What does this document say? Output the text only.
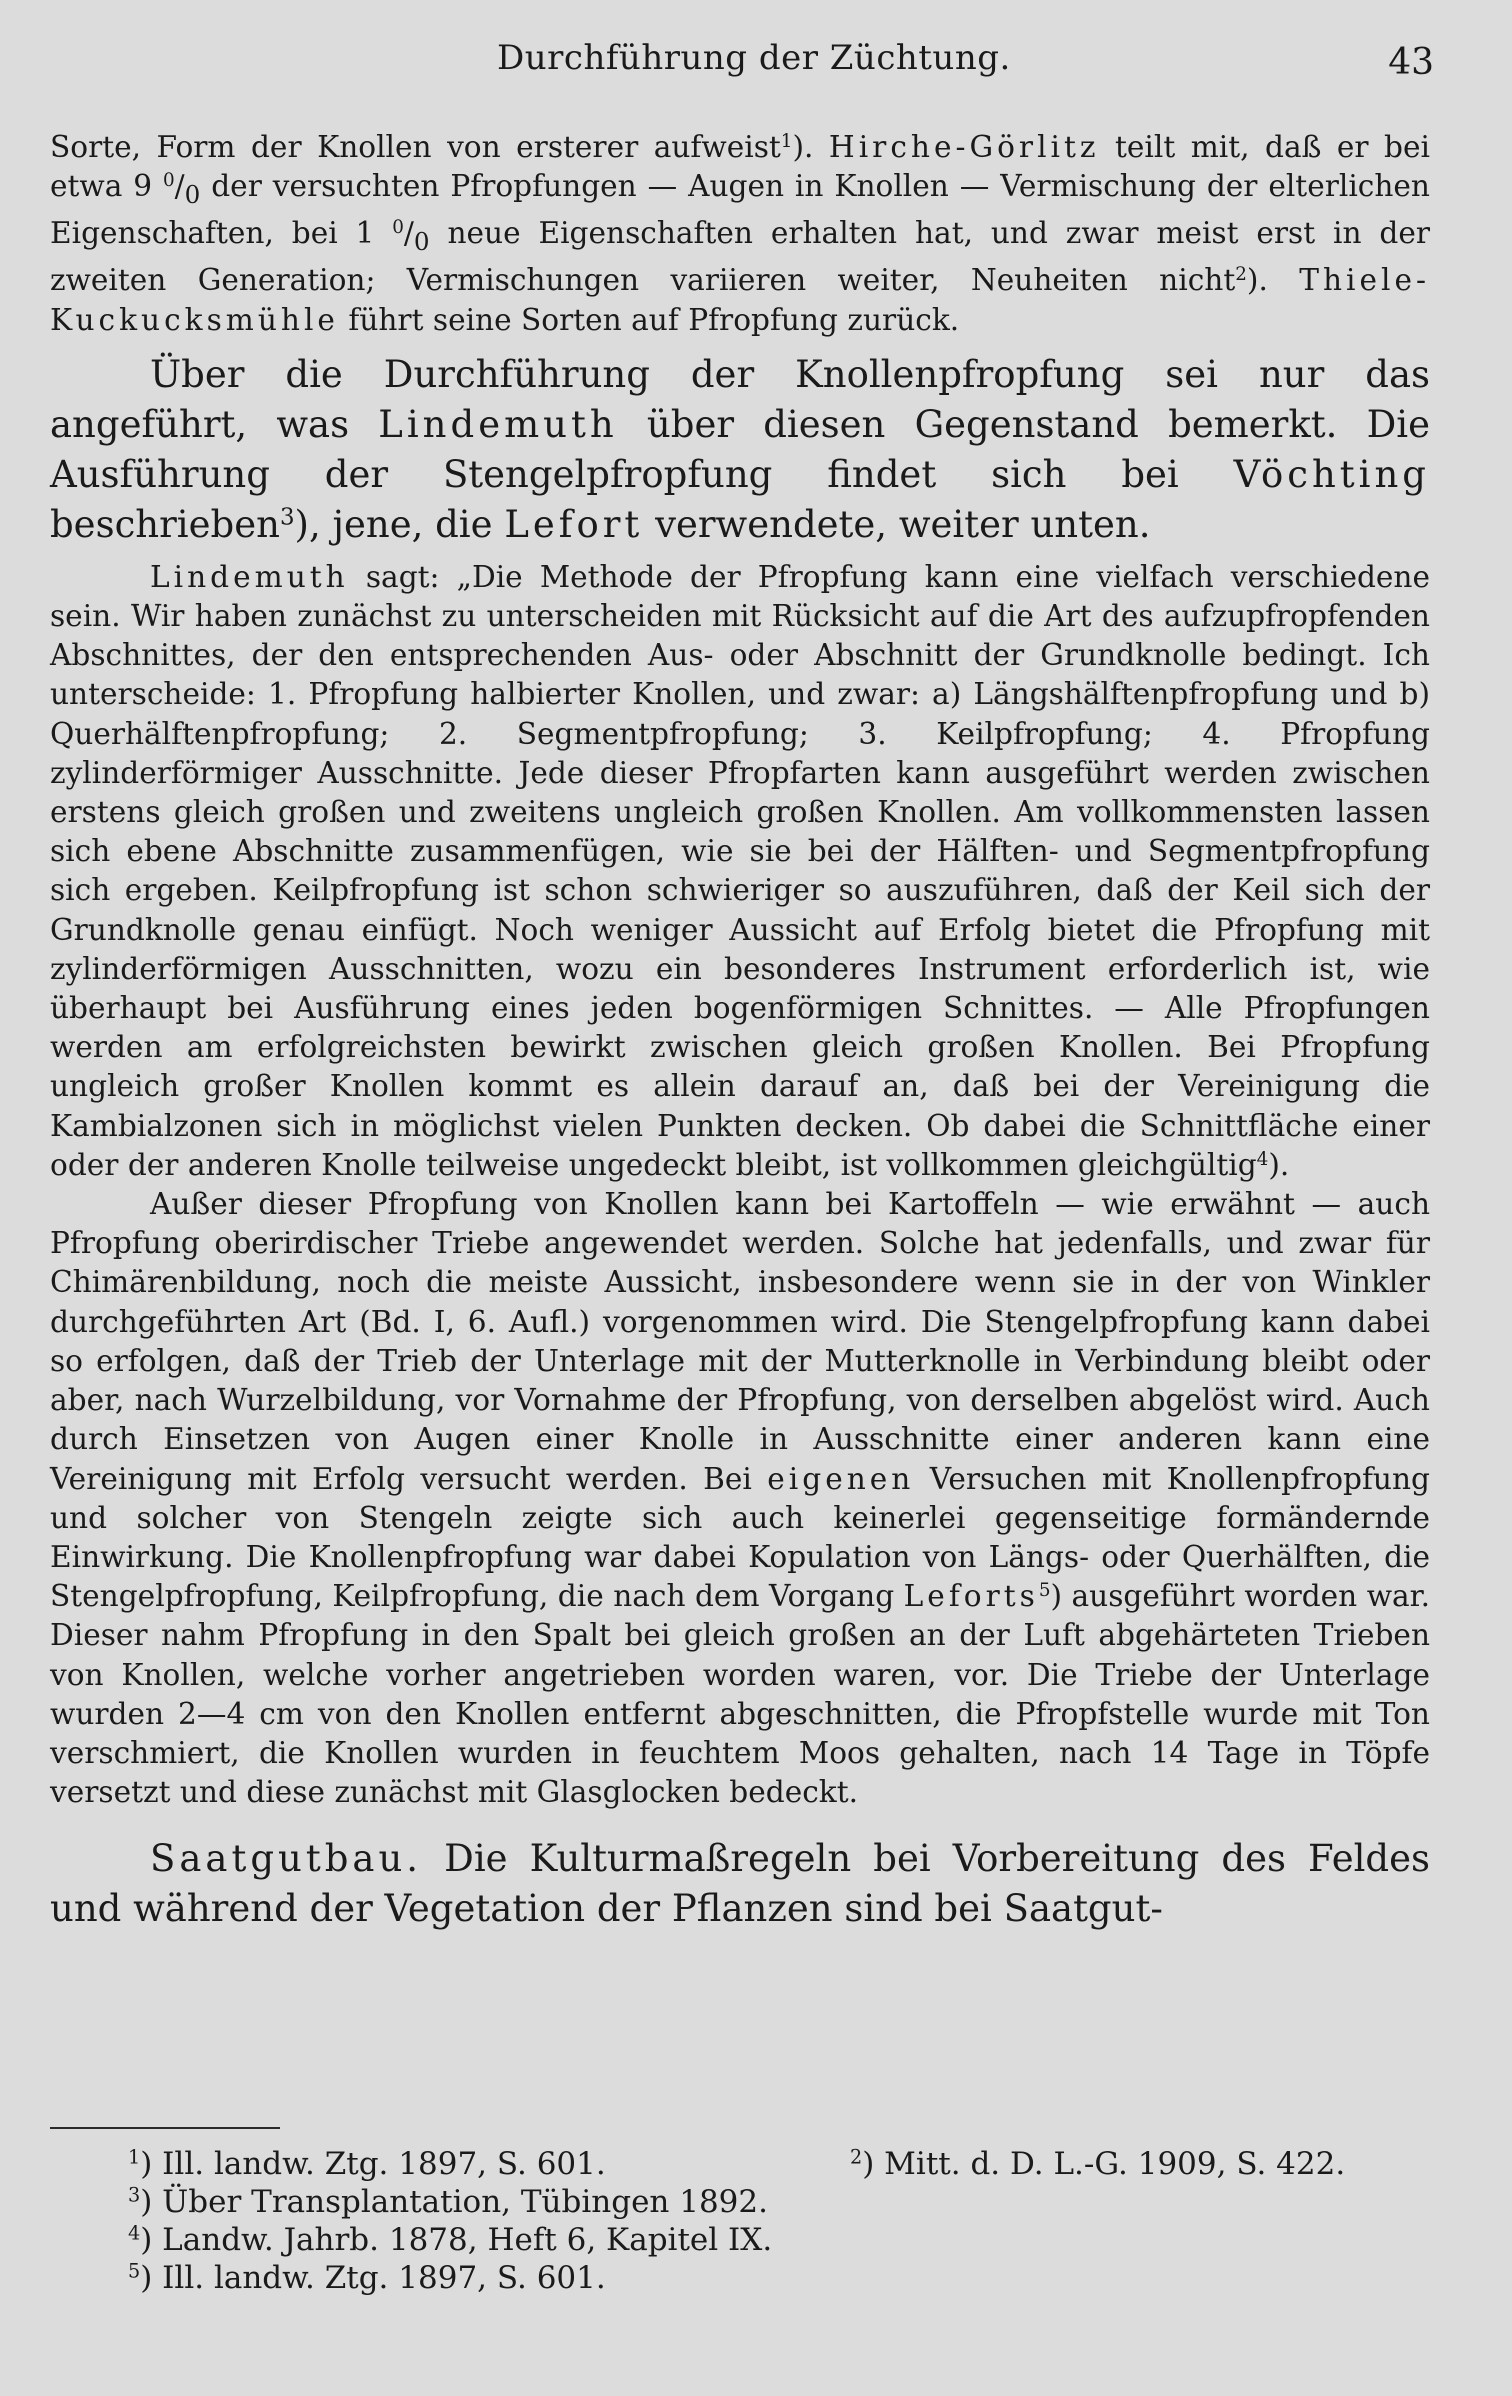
Durchführung der Züchtung.	43

Sorte, Form der Knollen von ersterer aufweist$^1$). Hirche-Görlitz teilt mit, daß er bei etwa 9 $^0/_0$ der versuchten Pfropfungen — Augen in Knollen — Vermischung der elterlichen Eigenschaften, bei 1 $^0/_0$ neue Eigenschaften erhalten hat, und zwar meist erst in der zweiten Generation; Vermischungen variieren weiter, Neuheiten nicht$^2$). Thiele-Kuckucksmühle führt seine Sorten auf Pfropfung zurück.

Über die Durchführung der Knollenpfropfung sei nur das angeführt, was Lindemuth über diesen Gegenstand bemerkt. Die Ausführung der Stengelpfropfung findet sich bei Vöchting beschrieben$^3$), jene, die Lefort verwendete, weiter unten.

Lindemuth sagt: „Die Methode der Pfropfung kann eine vielfach verschiedene sein. Wir haben zunächst zu unterscheiden mit Rücksicht auf die Art des aufzupfropfenden Abschnittes, der den entsprechenden Aus- oder Abschnitt der Grundknolle bedingt. Ich unterscheide: 1. Pfropfung halbierter Knollen, und zwar: a) Längshälftenpfropfung und b) Querhälftenpfropfung; 2. Segmentpfropfung; 3. Keilpfropfung; 4. Pfropfung zylinderförmiger Ausschnitte. Jede dieser Pfropfarten kann ausgeführt werden zwischen erstens gleich großen und zweitens ungleich großen Knollen. Am vollkommensten lassen sich ebene Abschnitte zusammenfügen, wie sie bei der Hälften- und Segmentpfropfung sich ergeben. Keilpfropfung ist schon schwieriger so auszuführen, daß der Keil sich der Grundknolle genau einfügt. Noch weniger Aussicht auf Erfolg bietet die Pfropfung mit zylinderförmigen Ausschnitten, wozu ein besonderes Instrument erforderlich ist, wie überhaupt bei Ausführung eines jeden bogenförmigen Schnittes. — Alle Pfropfungen werden am erfolgreichsten bewirkt zwischen gleich großen Knollen. Bei Pfropfung ungleich großer Knollen kommt es allein darauf an, daß bei der Vereinigung die Kambialzonen sich in möglichst vielen Punkten decken. Ob dabei die Schnittfläche einer oder der anderen Knolle teilweise ungedeckt bleibt, ist vollkommen gleichgültig$^4$).

Außer dieser Pfropfung von Knollen kann bei Kartoffeln — wie erwähnt — auch Pfropfung oberirdischer Triebe angewendet werden. Solche hat jedenfalls, und zwar für Chimärenbildung, noch die meiste Aussicht, insbesondere wenn sie in der von Winkler durchgeführten Art (Bd. I, 6. Aufl.) vorgenommen wird. Die Stengelpfropfung kann dabei so erfolgen, daß der Trieb der Unterlage mit der Mutterknolle in Verbindung bleibt oder aber, nach Wurzelbildung, vor Vornahme der Pfropfung, von derselben abgelöst wird. Auch durch Einsetzen von Augen einer Knolle in Ausschnitte einer anderen kann eine Vereinigung mit Erfolg versucht werden. Bei eigenen Versuchen mit Knollenpfropfung und solcher von Stengeln zeigte sich auch keinerlei gegenseitige formändernde Einwirkung. Die Knollenpfropfung war dabei Kopulation von Längs- oder Querhälften, die Stengelpfropfung, Keilpfropfung, die nach dem Vorgang Leforts$^5$) ausgeführt worden war. Dieser nahm Pfropfung in den Spalt bei gleich großen an der Luft abgehärteten Trieben von Knollen, welche vorher angetrieben worden waren, vor. Die Triebe der Unterlage wurden 2—4 cm von den Knollen entfernt abgeschnitten, die Pfropfstelle wurde mit Ton verschmiert, die Knollen wurden in feuchtem Moos gehalten, nach 14 Tage in Töpfe versetzt und diese zunächst mit Glasglocken bedeckt.

Saatgutbau. Die Kulturmaßregeln bei Vorbereitung des Feldes und während der Vegetation der Pflanzen sind bei Saatgut-

$^1$) Ill. landw. Ztg. 1897, S. 601.	$^2$) Mitt. d. D. L.-G. 1909, S. 422.
$^3$) Über Transplantation, Tübingen 1892.
$^4$) Landw. Jahrb. 1878, Heft 6, Kapitel IX.
$^5$) Ill. landw. Ztg. 1897, S. 601.
